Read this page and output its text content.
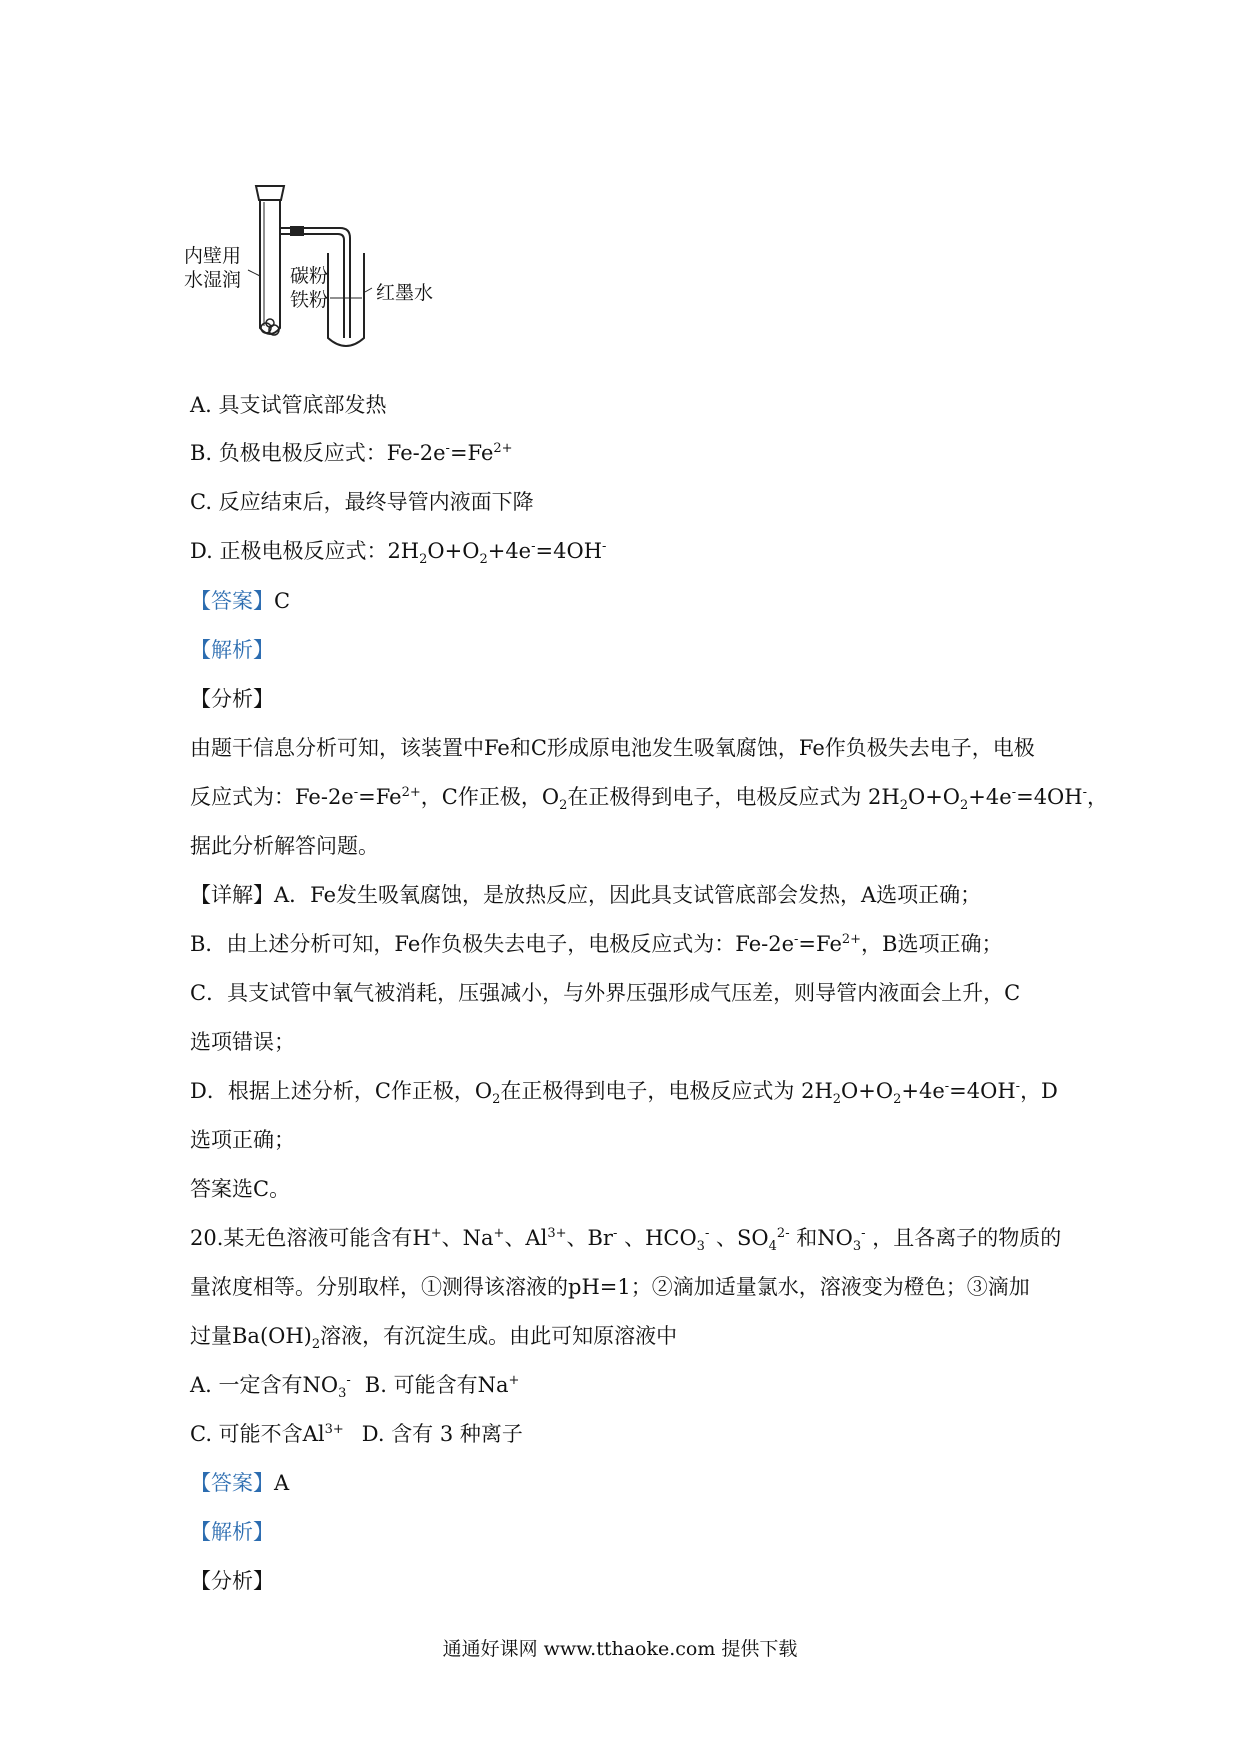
内壁用
水湿润	碳粉
铁粉	红墨水
A. 具支试管底部发热
B. 负极电极反应式：$Fe-2e^-=Fe^{2+}$
C. 反应结束后，最终导管内液面下降
D. 正极电极反应式：$2H_2O+O_2+4e^-=4OH^-$
【答案】C
【解析】
【分析】
由题干信息分析可知，该装置中Fe和C形成原电池发生吸氧腐蚀，Fe作负极失去电子，电极
反应式为：$Fe-2e^-=Fe^{2+}$，C作正极，$O_2$在正极得到电子，电极反应式为 $2H_2O+O_2+4e^-=4OH^-$，
据此分析解答问题。
【详解】A．Fe发生吸氧腐蚀，是放热反应，因此具支试管底部会发热，A选项正确；
B．由上述分析可知，Fe作负极失去电子，电极反应式为：$Fe-2e^-=Fe^{2+}$，B选项正确；
C．具支试管中氧气被消耗，压强减小，与外界压强形成气压差，则导管内液面会上升，C
选项错误；
D．根据上述分析，C作正极，$O_2$在正极得到电子，电极反应式为 $2H_2O+O_2+4e^-=4OH^-$，D
选项正确；
答案选C。
20.某无色溶液可能含有H+、Na+、$Al^{3+}$、Br- 、$HCO_3^-$ 、$SO_4^{2-}$ 和$NO_3^-$ ，且各离子的物质的
量浓度相等。分别取样，①测得该溶液的pH=1；②滴加适量氯水，溶液变为橙色；③滴加
过量$Ba(OH)_2$溶液，有沉淀生成。由此可知原溶液中
A. 一定含有$NO_3^-$ B. 可能含有Na+
C. 可能不含$Al^{3+}$ D. 含有 3 种离子
【答案】A
【解析】
【分析】
通通好课网 www.tthaoke.com 提供下载
